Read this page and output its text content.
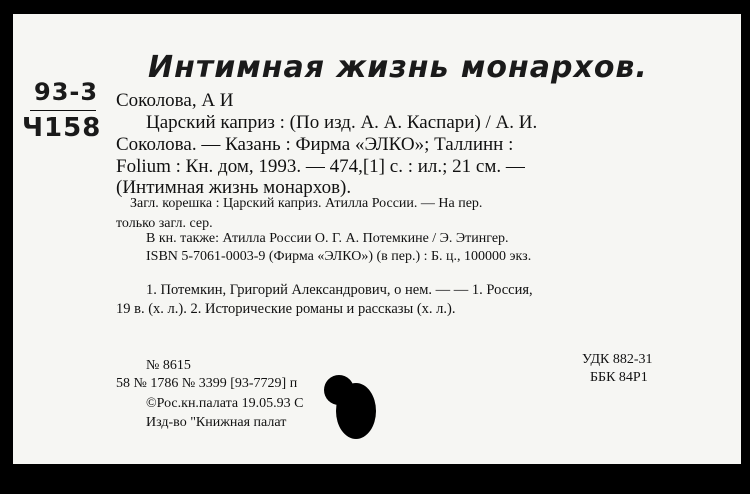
Интимная жизнь монархов.
93-3
Ч158
Соколова, А И
Царский каприз : (По изд. А. А. Каспари) / А. И.
Соколова. — Казань : Фирма «ЭЛКО»; Таллинн :
Folium : Кн. дом, 1993. — 474,[1] с. : ил.; 21 см. —
(Интимная жизнь монархов).
Загл. корешка : Царский каприз. Атилла России. — На пер.
только загл. сер.
В кн. также: Атилла России О. Г. А. Потемкине / Э. Этингер.
ISBN 5-7061-0003-9 (Фирма «ЭЛКО») (в пер.) : Б. ц., 100000 экз.
1. Потемкин, Григорий Александрович, о нем. — — 1. Россия,
19 в. (х. л.). 2. Исторические романы и рассказы (х. л.).
№ 8615
58 № 1786 № 3399 [93-7729] п
©Рос.кн.палата 19.05.93 С
Изд-во "Книжная палат
УДК 882-31
ББК 84Р1
